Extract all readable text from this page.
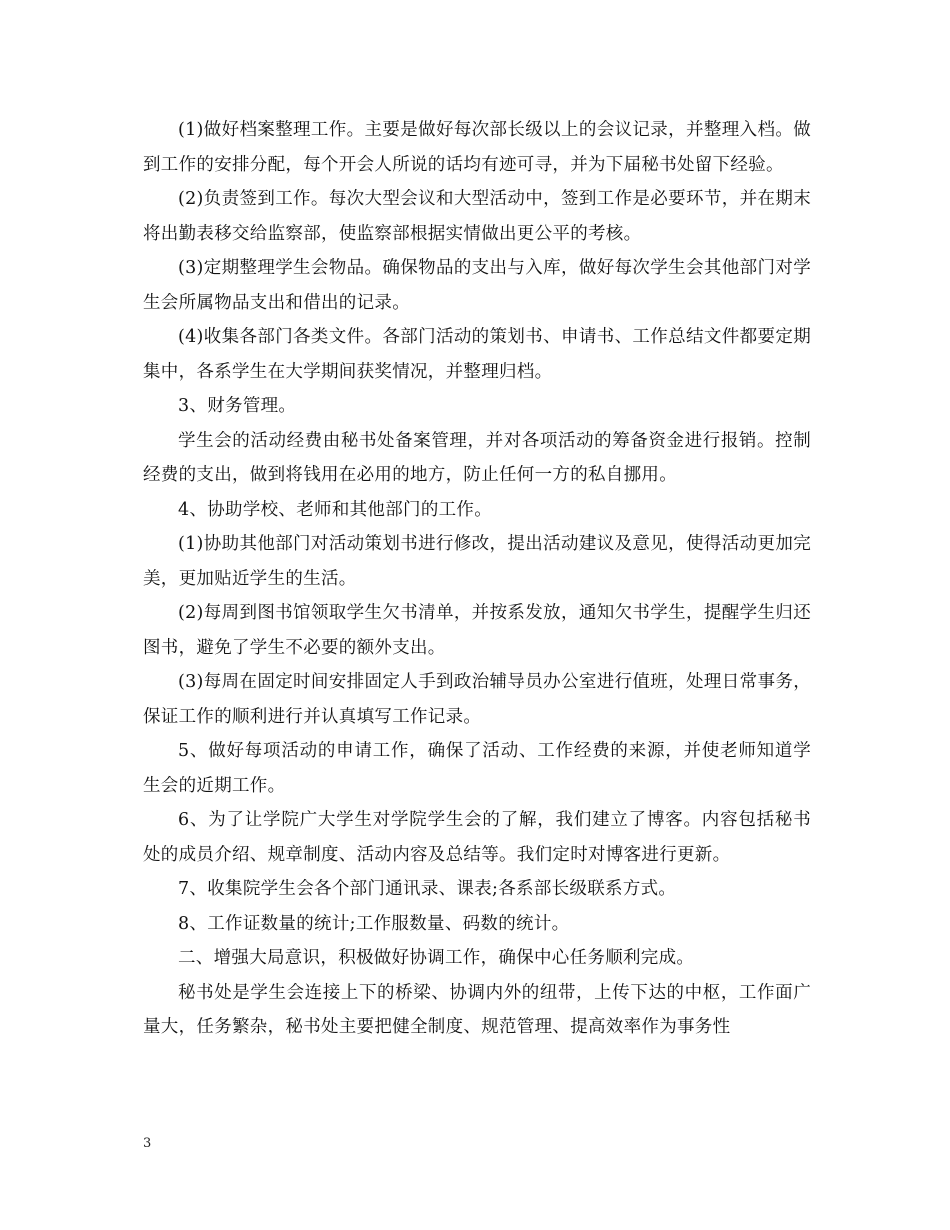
(1)做好档案整理工作。主要是做好每次部长级以上的会议记录，并整理入档。做到工作的安排分配，每个开会人所说的话均有迹可寻，并为下届秘书处留下经验。

(2)负责签到工作。每次大型会议和大型活动中，签到工作是必要环节，并在期末将出勤表移交给监察部，使监察部根据实情做出更公平的考核。

(3)定期整理学生会物品。确保物品的支出与入库，做好每次学生会其他部门对学生会所属物品支出和借出的记录。

(4)收集各部门各类文件。各部门活动的策划书、申请书、工作总结文件都要定期集中，各系学生在大学期间获奖情况，并整理归档。

3、财务管理。

学生会的活动经费由秘书处备案管理，并对各项活动的筹备资金进行报销。控制经费的支出，做到将钱用在必用的地方，防止任何一方的私自挪用。

4、协助学校、老师和其他部门的工作。

(1)协助其他部门对活动策划书进行修改，提出活动建议及意见，使得活动更加完美，更加贴近学生的生活。

(2)每周到图书馆领取学生欠书清单，并按系发放，通知欠书学生，提醒学生归还图书，避免了学生不必要的额外支出。

(3)每周在固定时间安排固定人手到政治辅导员办公室进行值班，处理日常事务，保证工作的顺利进行并认真填写工作记录。

5、做好每项活动的申请工作，确保了活动、工作经费的来源，并使老师知道学生会的近期工作。

6、为了让学院广大学生对学院学生会的了解，我们建立了博客。内容包括秘书处的成员介绍、规章制度、活动内容及总结等。我们定时对博客进行更新。

7、收集院学生会各个部门通讯录、课表;各系部长级联系方式。

8、工作证数量的统计;工作服数量、码数的统计。

二、增强大局意识，积极做好协调工作，确保中心任务顺利完成。

秘书处是学生会连接上下的桥梁、协调内外的纽带，上传下达的中枢，工作面广量大，任务繁杂，秘书处主要把健全制度、规范管理、提高效率作为事务性

3
